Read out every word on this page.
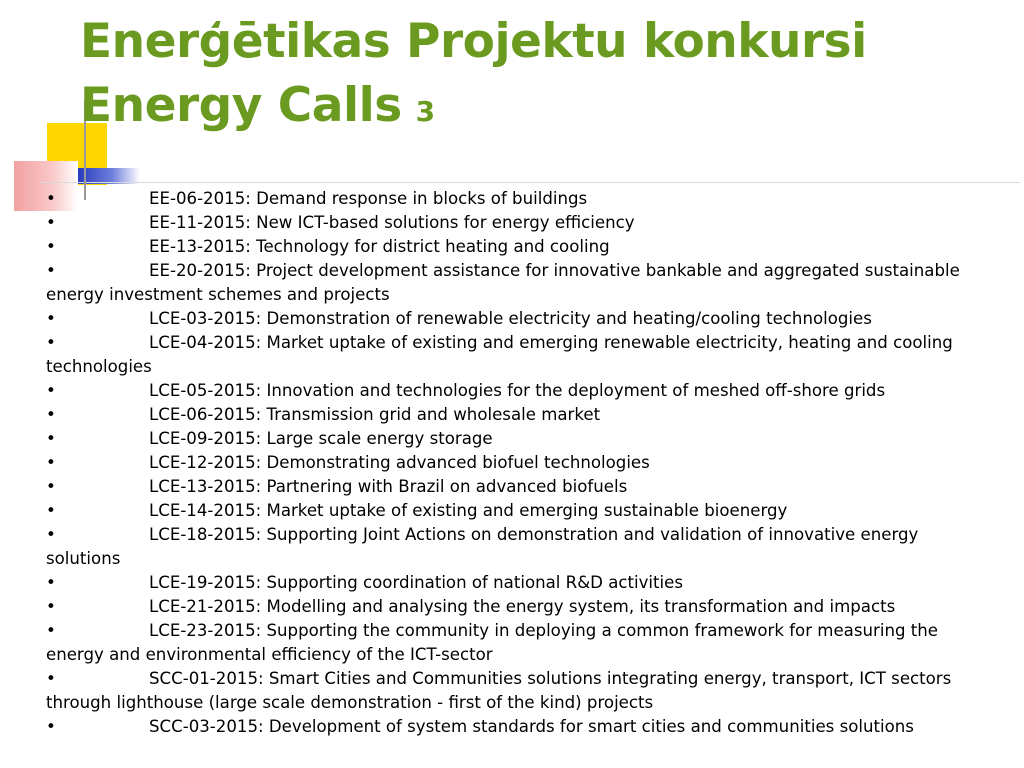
Enerģētikas Projektu konkursi
Energy Calls 3

•	EE-06-2015: Demand response in blocks of buildings

•	EE-11-2015: New ICT-based solutions for energy efficiency

•	EE-13-2015: Technology for district heating and cooling

•	EE-20-2015: Project development assistance for innovative bankable and aggregated sustainable energy investment schemes and projects

•	LCE-03-2015: Demonstration of renewable electricity and heating/cooling technologies

•	LCE-04-2015: Market uptake of existing and emerging renewable electricity, heating and cooling technologies

•	LCE-05-2015: Innovation and technologies for the deployment of meshed off-shore grids

•	LCE-06-2015: Transmission grid and wholesale market

•	LCE-09-2015: Large scale energy storage

•	LCE-12-2015: Demonstrating advanced biofuel technologies

•	LCE-13-2015: Partnering with Brazil on advanced biofuels

•	LCE-14-2015: Market uptake of existing and emerging sustainable bioenergy

•	LCE-18-2015: Supporting Joint Actions on demonstration and validation of innovative energy solutions

•	LCE-19-2015: Supporting coordination of national R&D activities

•	LCE-21-2015: Modelling and analysing the energy system, its transformation and impacts

•	LCE-23-2015: Supporting the community in deploying a common framework for measuring the energy and environmental efficiency of the ICT-sector

•	SCC-01-2015: Smart Cities and Communities solutions integrating energy, transport, ICT sectors through lighthouse (large scale demonstration - first of the kind) projects

•	SCC-03-2015: Development of system standards for smart cities and communities solutions
